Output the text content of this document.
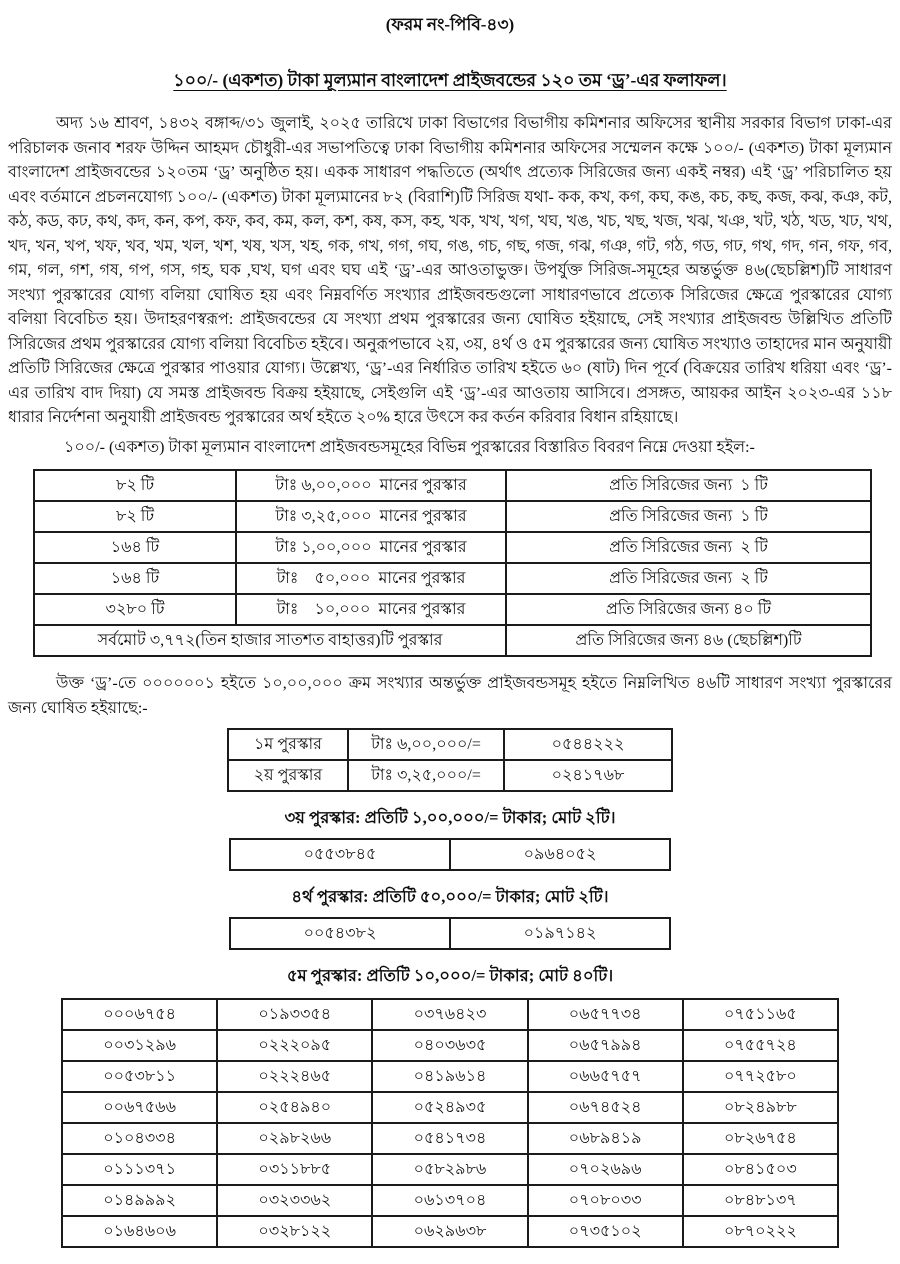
(ফরম নং-পিবি-৪৩)
১০০/- (একশত) টাকা মূল্যমান বাংলাদেশ প্রাইজবন্ডের ১২০ তম ‘ড্র’-এর ফলাফল।

অদ্য ১৬ শ্রাবণ, ১৪৩২ বঙ্গাব্দ/৩১ জুলাই, ২০২৫ তারিখে ঢাকা বিভাগের বিভাগীয় কমিশনার অফিসের স্থানীয় সরকার বিভাগ ঢাকা-এর পরিচালক জনাব শরফ উদ্দিন আহমদ চৌধুরী-এর সভাপতিত্বে ঢাকা বিভাগীয় কমিশনার অফিসের সম্মেলন কক্ষে ১০০/- (একশত) টাকা মূল্যমান বাংলাদেশ প্রাইজবন্ডের ১২০তম ‘ড্র’ অনুষ্ঠিত হয়। একক সাধারণ পদ্ধতিতে (অর্থাৎ প্রত্যেক সিরিজের জন্য একই নম্বর) এই ‘ড্র’ পরিচালিত হয় এবং বর্তমানে প্রচলনযোগ্য ১০০/- (একশত) টাকা মূল্যমানের ৮২ (বিরাশি)টি সিরিজ যথা- কক, কখ, কগ, কঘ, কঙ, কচ, কছ, কজ, কঝ, কঞ, কট, কঠ, কড, কঢ, কথ, কদ, কন, কপ, কফ, কব, কম, কল, কশ, কষ, কস, কহ, খক, খখ, খগ, খঘ, খঙ, খচ, খছ, খজ, খঝ, খঞ, খট, খঠ, খড, খঢ, খথ, খদ, খন, খপ, খফ, খব, খম, খল, খশ, খষ, খস, খহ, গক, গখ, গগ, গঘ, গঙ, গচ, গছ, গজ, গঝ, গঞ, গট, গঠ, গড, গঢ, গথ, গদ, গন, গফ, গব, গম, গল, গশ, গষ, গপ, গস, গহ, ঘক ,ঘখ, ঘগ এবং ঘঘ এই ‘ড্র’-এর আওতাভুক্ত। উপর্যুক্ত সিরিজ-সমূহের অন্তর্ভুক্ত ৪৬(ছেচল্লিশ)টি সাধারণ সংখ্যা পুরস্কারের যোগ্য বলিয়া ঘোষিত হয় এবং নিম্নবর্ণিত সংখ্যার প্রাইজবন্ডগুলো সাধারণভাবে প্রত্যেক সিরিজের ক্ষেত্রে পুরস্কারের যোগ্য বলিয়া বিবেচিত হয়। উদাহরণস্বরূপ: প্রাইজবন্ডের যে সংখ্যা প্রথম পুরস্কারের জন্য ঘোষিত হইয়াছে, সেই সংখ্যার প্রাইজবন্ড উল্লিখিত প্রতিটি সিরিজের প্রথম পুরস্কারের যোগ্য বলিয়া বিবেচিত হইবে। অনুরূপভাবে ২য়, ৩য়, ৪র্থ ও ৫ম পুরস্কারের জন্য ঘোষিত সংখ্যাও তাহাদের মান অনুযায়ী প্রতিটি সিরিজের ক্ষেত্রে পুরস্কার পাওয়ার যোগ্য। উল্লেখ্য, ‘ড্র’-এর নির্ধারিত তারিখ হইতে ৬০ (ষাট) দিন পূর্বে (বিক্রয়ের তারিখ ধরিয়া এবং ‘ড্র’-এর তারিখ বাদ দিয়া) যে সমস্ত প্রাইজবন্ড বিক্রয় হইয়াছে, সেইগুলি এই ‘ড্র’-এর আওতায় আসিবে। প্রসঙ্গত, আয়কর আইন ২০২৩-এর ১১৮ ধারার নির্দেশনা অনুযায়ী প্রাইজবন্ড পুরস্কারের অর্থ হইতে ২০% হারে উৎসে কর কর্তন করিবার বিধান রহিয়াছে।

১০০/- (একশত) টাকা মূল্যমান বাংলাদেশ প্রাইজবন্ডসমূহের বিভিন্ন পুরস্কারের বিস্তারিত বিবরণ নিম্নে দেওয়া হইল:-

৮২ টি	টাঃ ৬,০০,০০০  মানের পুরস্কার	প্রতি সিরিজের জন্য  ১ টি
৮২ টি	টাঃ ৩,২৫,০০০  মানের পুরস্কার	প্রতি সিরিজের জন্য  ১ টি
১৬৪ টি	টাঃ ১,০০,০০০  মানের পুরস্কার	প্রতি সিরিজের জন্য  ২ টি
১৬৪ টি	টাঃ    ৫০,০০০  মানের পুরস্কার	প্রতি সিরিজের জন্য  ২ টি
৩২৮০ টি	টাঃ    ১০,০০০  মানের পুরস্কার	প্রতি সিরিজের জন্য ৪০ টি
সর্বমোট ৩,৭৭২(তিন হাজার সাতশত বাহাত্তর)টি পুরস্কার		প্রতি সিরিজের জন্য ৪৬ (ছেচল্লিশ)টি

উক্ত ‘ড্র’-তে ০০০০০০১ হইতে ১০,০০,০০০ ক্রম সংখ্যার অন্তর্ভুক্ত প্রাইজবন্ডসমূহ হইতে নিম্নলিখিত ৪৬টি সাধারণ সংখ্যা পুরস্কারের জন্য ঘোষিত হইয়াছে:-

১ম পুরস্কার	টাঃ ৬,০০,০০০/=	০৫৪৪২২২
২য় পুরস্কার	টাঃ ৩,২৫,০০০/=	০২৪১৭৬৮
৩য় পুরস্কার: প্রতিটি ১,০০,০০০/= টাকার; মোট ২টি।
০৫৫৩৮৪৫	০৯৬৪০৫২
৪র্থ পুরস্কার: প্রতিটি ৫০,০০০/= টাকার; মোট ২টি।
০০৫৪৩৮২	০১৯৭১৪২
৫ম পুরস্কার: প্রতিটি ১০,০০০/= টাকার; মোট ৪০টি।
০০০৬৭৫৪	০১৯৩৩৫৪	০৩৭৬৪২৩	০৬৫৭৭৩৪	০৭৫১১৬৫
০০৩১২৯৬	০২২২০৯৫	০৪০৩৬৩৫	০৬৫৭৯৯৪	০৭৫৫৭২৪
০০৫৩৮১১	০২২২৪৬৫	০৪১৯৬১৪	০৬৬৫৭৫৭	০৭৭২৫৮০
০০৬৭৫৬৬	০২৫৪৯৪০	০৫২৪৯৩৫	০৬৭৪৫২৪	০৮২৪৯৮৮
০১০৪৩৩৪	০২৯৮২৬৬	০৫৪১৭৩৪	০৬৮৯৪১৯	০৮২৬৭৫৪
০১১১৩৭১	০৩১১৮৮৫	০৫৮২৯৮৬	০৭০২৬৯৬	০৮৪১৫০৩
০১৪৯৯৯২	০৩২৩৩৬২	০৬১৩৭০৪	০৭০৮০৩৩	০৮৪৮১৩৭
০১৬৪৬০৬	০৩২৮১২২	০৬২৯৬৩৮	০৭৩৫১০২	০৮৭০২২২
